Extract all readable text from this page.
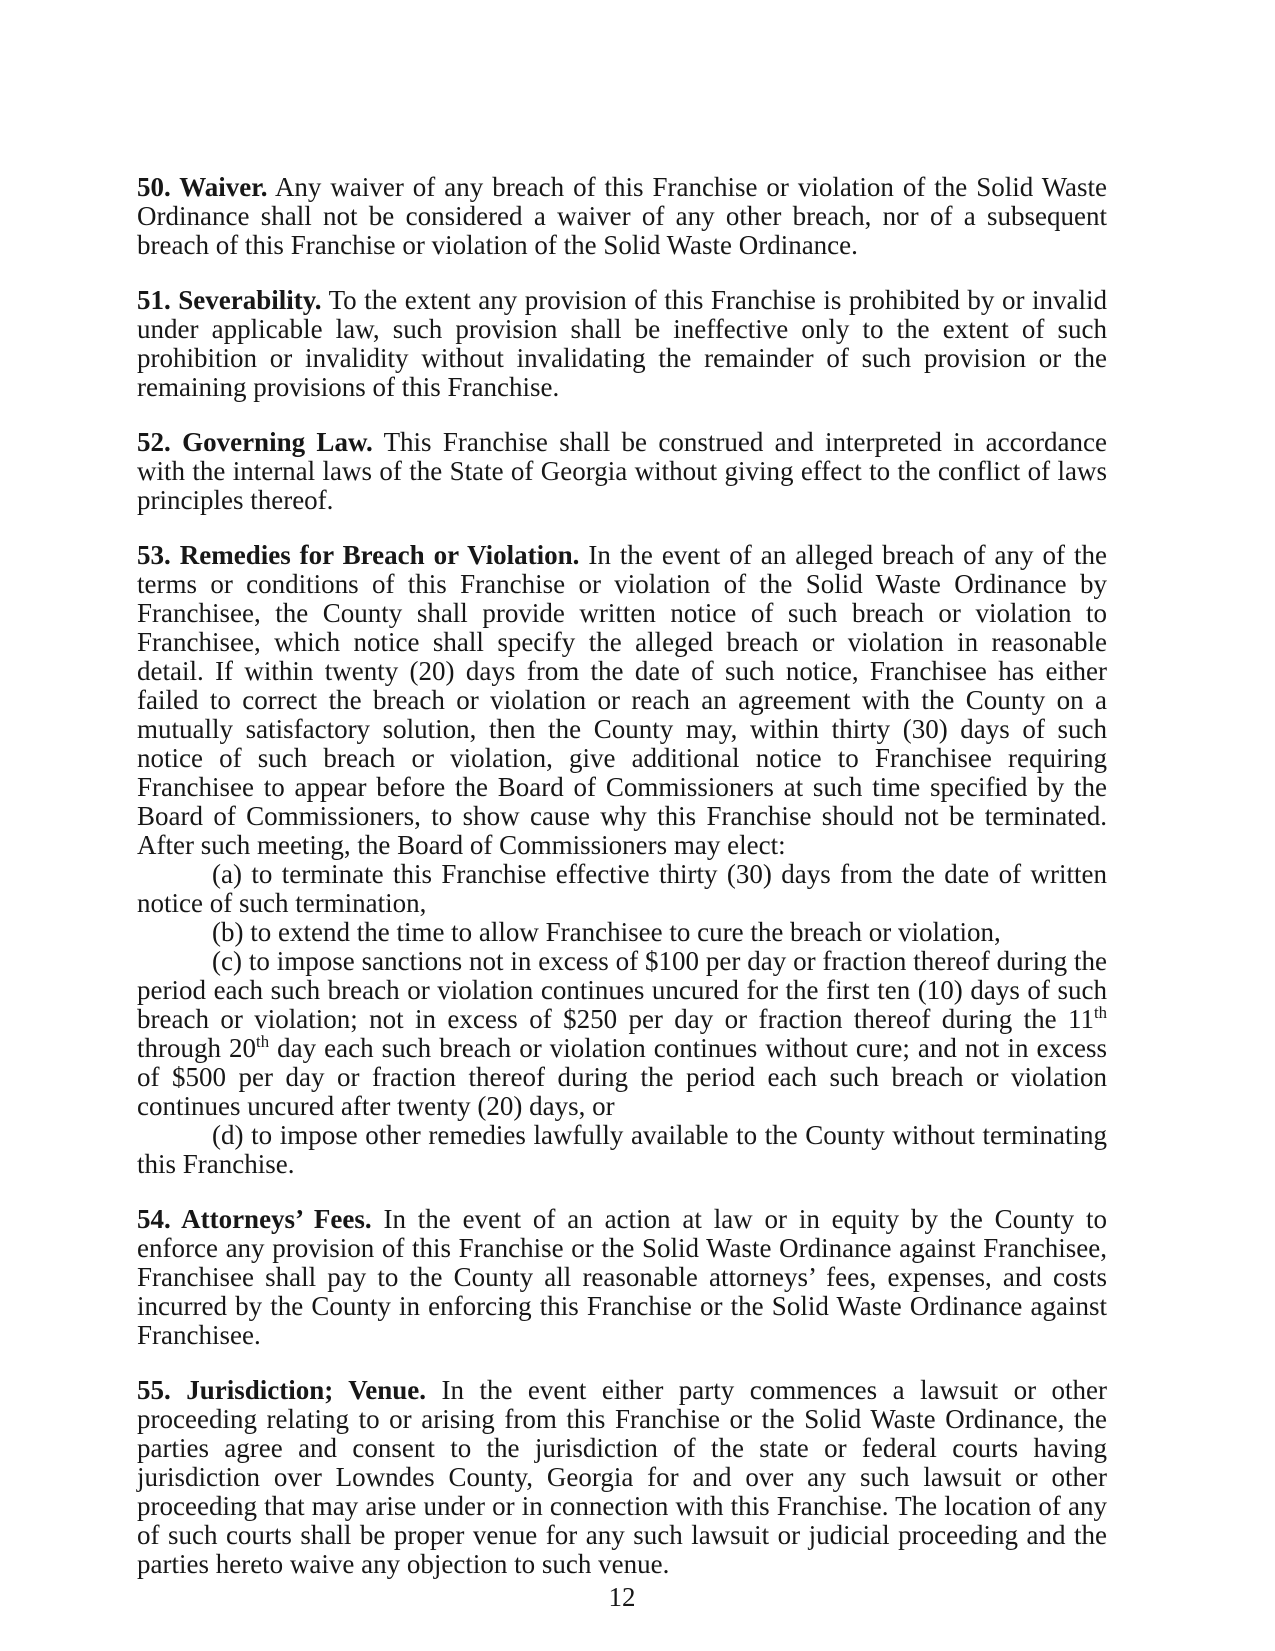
50. Waiver. Any waiver of any breach of this Franchise or violation of the Solid Waste Ordinance shall not be considered a waiver of any other breach, nor of a subsequent breach of this Franchise or violation of the Solid Waste Ordinance.

51. Severability. To the extent any provision of this Franchise is prohibited by or invalid under applicable law, such provision shall be ineffective only to the extent of such prohibition or invalidity without invalidating the remainder of such provision or the remaining provisions of this Franchise.

52. Governing Law. This Franchise shall be construed and interpreted in accordance with the internal laws of the State of Georgia without giving effect to the conflict of laws principles thereof.

53. Remedies for Breach or Violation. In the event of an alleged breach of any of the terms or conditions of this Franchise or violation of the Solid Waste Ordinance by Franchisee, the County shall provide written notice of such breach or violation to Franchisee, which notice shall specify the alleged breach or violation in reasonable detail. If within twenty (20) days from the date of such notice, Franchisee has either failed to correct the breach or violation or reach an agreement with the County on a mutually satisfactory solution, then the County may, within thirty (30) days of such notice of such breach or violation, give additional notice to Franchisee requiring Franchisee to appear before the Board of Commissioners at such time specified by the Board of Commissioners, to show cause why this Franchise should not be terminated. After such meeting, the Board of Commissioners may elect:

(a) to terminate this Franchise effective thirty (30) days from the date of written notice of such termination,

(b) to extend the time to allow Franchisee to cure the breach or violation,

(c) to impose sanctions not in excess of $100 per day or fraction thereof during the period each such breach or violation continues uncured for the first ten (10) days of such breach or violation; not in excess of $250 per day or fraction thereof during the 11th through 20th day each such breach or violation continues without cure; and not in excess of $500 per day or fraction thereof during the period each such breach or violation continues uncured after twenty (20) days, or

(d) to impose other remedies lawfully available to the County without terminating this Franchise.

54. Attorneys’ Fees. In the event of an action at law or in equity by the County to enforce any provision of this Franchise or the Solid Waste Ordinance against Franchisee, Franchisee shall pay to the County all reasonable attorneys’ fees, expenses, and costs incurred by the County in enforcing this Franchise or the Solid Waste Ordinance against Franchisee.

55. Jurisdiction; Venue. In the event either party commences a lawsuit or other proceeding relating to or arising from this Franchise or the Solid Waste Ordinance, the parties agree and consent to the jurisdiction of the state or federal courts having jurisdiction over Lowndes County, Georgia for and over any such lawsuit or other proceeding that may arise under or in connection with this Franchise. The location of any of such courts shall be proper venue for any such lawsuit or judicial proceeding and the parties hereto waive any objection to such venue.

12
